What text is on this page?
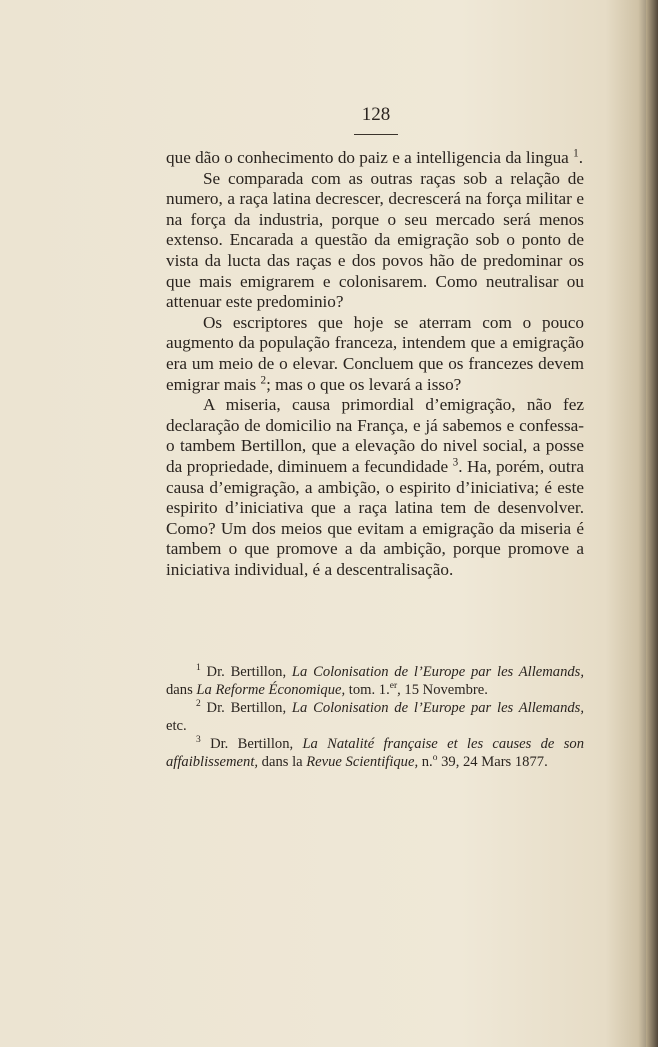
128

que dão o conhecimento do paiz e a intelligencia da lingua $^1$.

Se comparada com as outras raças sob a relação de numero, a raça latina decrescer, decrescerá na força militar e na força da industria, porque o seu mercado será menos extenso. Encarada a questão da emigração sob o ponto de vista da lucta das raças e dos povos hão de predominar os que mais emigrarem e colonisarem. Como neutralisar ou attenuar este predominio?

Os escriptores que hoje se aterram com o pouco augmento da população franceza, intendem que a emigração era um meio de o elevar. Concluem que os francezes devem emigrar mais $^2$; mas o que os levará a isso?

A miseria, causa primordial d’emigração, não fez declaração de domicilio na França, e já sabemos e confessa-o tambem Bertillon, que a elevação do nivel social, a posse da propriedade, diminuem a fecundidade $^3$. Ha, porém, outra causa d’emigração, a ambição, o espirito d’iniciativa; é este espirito d’iniciativa que a raça latina tem de desenvolver. Como? Um dos meios que evitam a emigração da miseria é tambem o que promove a da ambição, porque promove a iniciativa individual, é a descentralisação.

$^1$ Dr. Bertillon, La Colonisation de l’Europe par les Allemands, dans La Reforme Économique, tom. 1.$^{er}$, 15 Novembre.

$^2$ Dr. Bertillon, La Colonisation de l’Europe par les Allemands, etc.

$^3$ Dr. Bertillon, La Natalité française et les causes de son affaiblissement, dans la Revue Scientifique, n.$^o$ 39, 24 Mars 1877.
